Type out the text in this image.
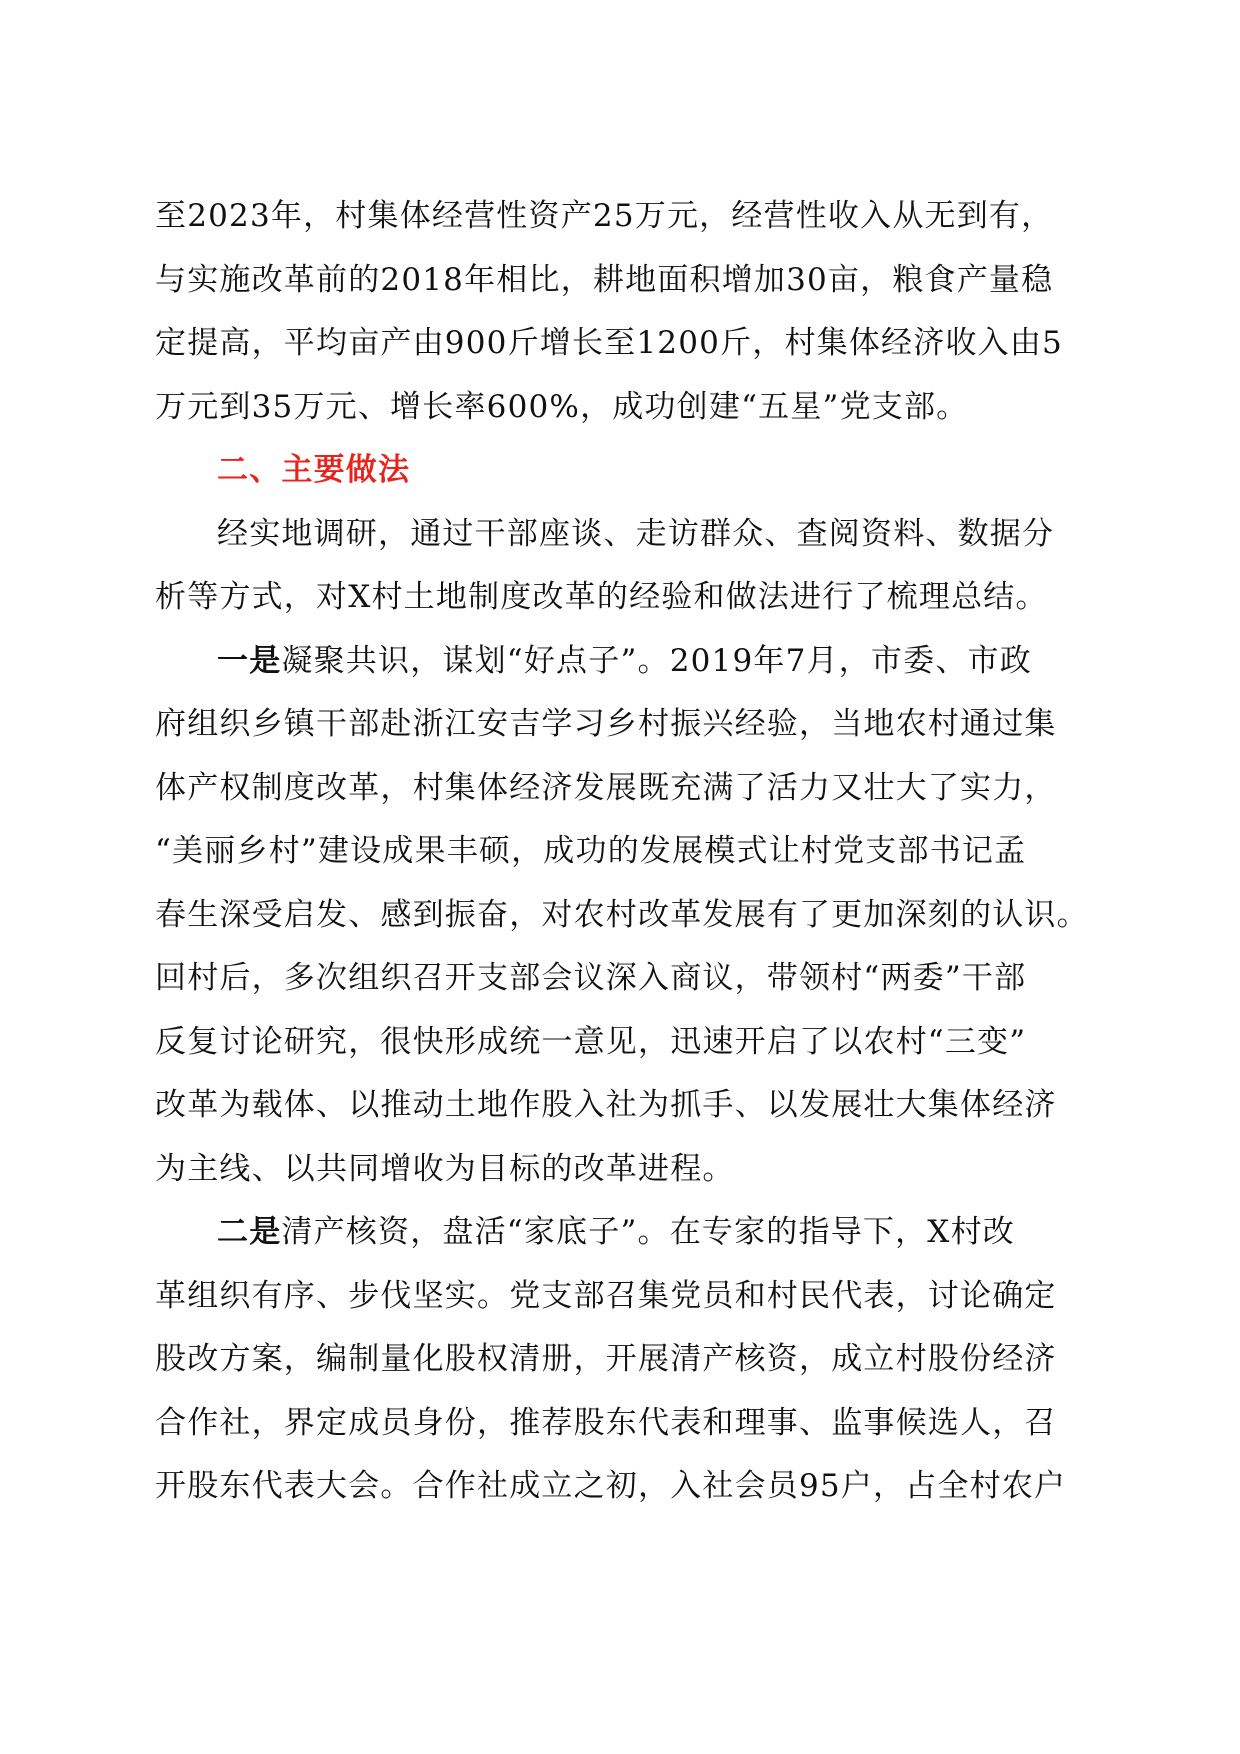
至2023年，村集体经营性资产25万元，经营性收入从无到有，
与实施改革前的2018年相比，耕地面积增加30亩，粮食产量稳
定提高，平均亩产由900斤增长至1200斤，村集体经济收入由5
万元到35万元、增长率600%，成功创建“五星”党支部。
二、主要做法
经实地调研，通过干部座谈、走访群众、查阅资料、数据分
析等方式，对X村土地制度改革的经验和做法进行了梳理总结。
一是凝聚共识，谋划“好点子”。2019年7月，市委、市政
府组织乡镇干部赴浙江安吉学习乡村振兴经验，当地农村通过集
体产权制度改革，村集体经济发展既充满了活力又壮大了实力，
“美丽乡村”建设成果丰硕，成功的发展模式让村党支部书记孟
春生深受启发、感到振奋，对农村改革发展有了更加深刻的认识。
回村后，多次组织召开支部会议深入商议，带领村“两委”干部
反复讨论研究，很快形成统一意见，迅速开启了以农村“三变”
改革为载体、以推动土地作股入社为抓手、以发展壮大集体经济
为主线、以共同增收为目标的改革进程。
二是清产核资，盘活“家底子”。在专家的指导下，X村改
革组织有序、步伐坚实。党支部召集党员和村民代表，讨论确定
股改方案，编制量化股权清册，开展清产核资，成立村股份经济
合作社，界定成员身份，推荐股东代表和理事、监事候选人，召
开股东代表大会。合作社成立之初，入社会员95户，占全村农户
